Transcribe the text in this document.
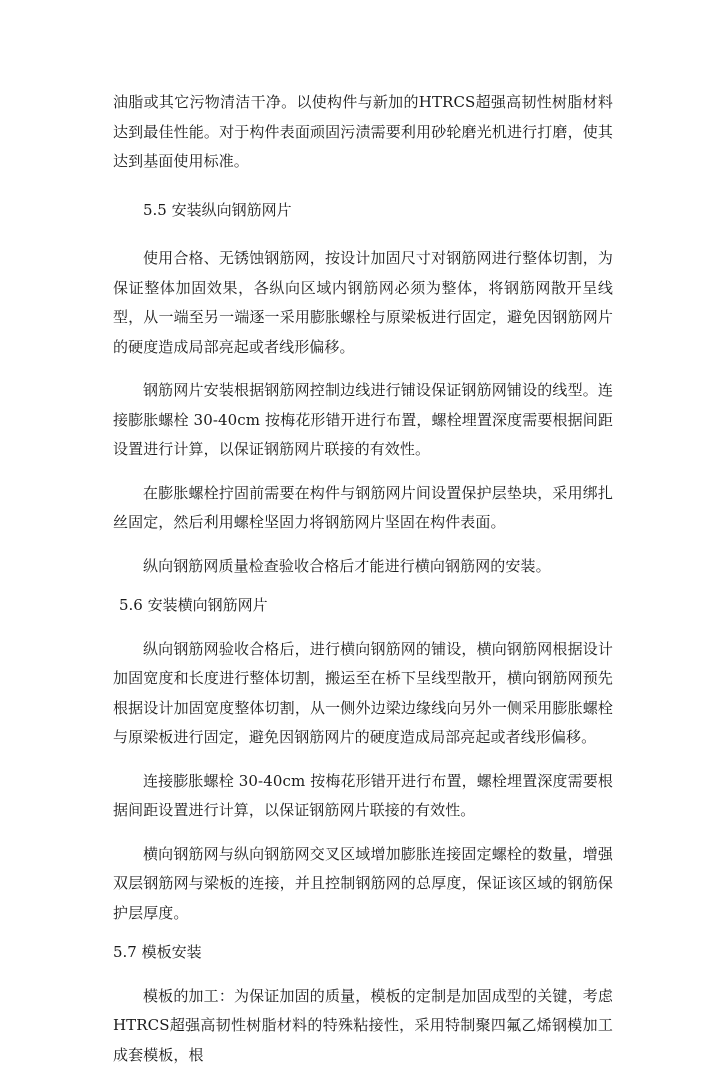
油脂或其它污物清洁干净。以使构件与新加的HTRCS超强高韧性树脂材料达到最佳性能。对于构件表面顽固污渍需要利用砂轮磨光机进行打磨，使其达到基面使用标准。

5.5 安装纵向钢筋网片

使用合格、无锈蚀钢筋网，按设计加固尺寸对钢筋网进行整体切割，为保证整体加固效果，各纵向区域内钢筋网必须为整体，将钢筋网散开呈线型，从一端至另一端逐一采用膨胀螺栓与原梁板进行固定，避免因钢筋网片的硬度造成局部亮起或者线形偏移。

钢筋网片安装根据钢筋网控制边线进行铺设保证钢筋网铺设的线型。连接膨胀螺栓 30-40cm 按梅花形错开进行布置，螺栓埋置深度需要根据间距设置进行计算，以保证钢筋网片联接的有效性。

在膨胀螺栓拧固前需要在构件与钢筋网片间设置保护层垫块，采用绑扎丝固定，然后利用螺栓坚固力将钢筋网片坚固在构件表面。

纵向钢筋网质量检查验收合格后才能进行横向钢筋网的安装。

5.6 安装横向钢筋网片

纵向钢筋网验收合格后，进行横向钢筋网的铺设，横向钢筋网根据设计加固宽度和长度进行整体切割，搬运至在桥下呈线型散开，横向钢筋网预先根据设计加固宽度整体切割，从一侧外边梁边缘线向另外一侧采用膨胀螺栓与原梁板进行固定，避免因钢筋网片的硬度造成局部亮起或者线形偏移。

连接膨胀螺栓 30-40cm 按梅花形错开进行布置，螺栓埋置深度需要根据间距设置进行计算，以保证钢筋网片联接的有效性。

横向钢筋网与纵向钢筋网交叉区域增加膨胀连接固定螺栓的数量，增强双层钢筋网与梁板的连接，并且控制钢筋网的总厚度，保证该区域的钢筋保护层厚度。

5.7 模板安装

模板的加工：为保证加固的质量，模板的定制是加固成型的关键，考虑HTRCS超强高韧性树脂材料的特殊粘接性，采用特制聚四氟乙烯钢模加工成套模板，根
